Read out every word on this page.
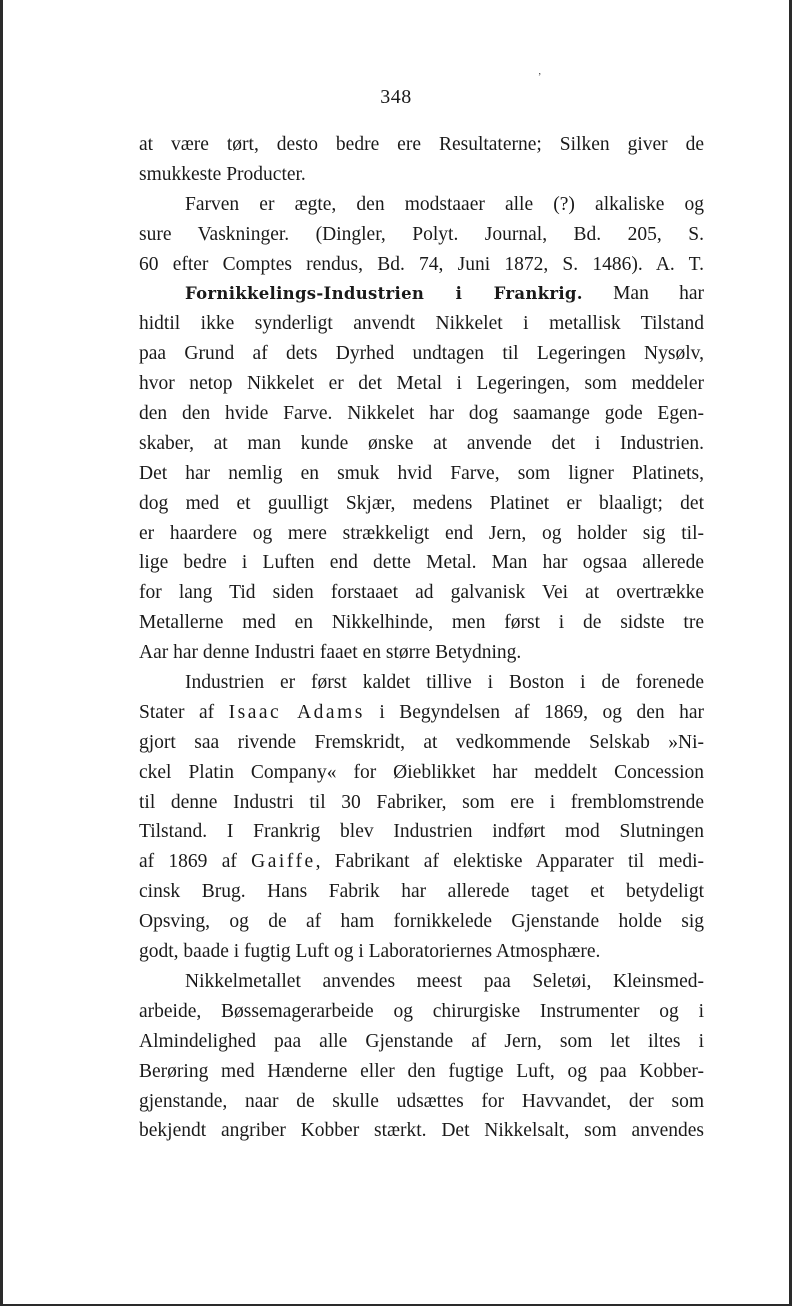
ʼ
348
at være tørt, desto bedre ere Resultaterne; Silken giver de
smukkeste Producter.
Farven er ægte, den modstaaer alle (?) alkaliske og
sure Vaskninger. (Dingler, Polyt. Journal, Bd. 205, S.
60 efter Comptes rendus, Bd. 74, Juni 1872, S. 1486). A. T.
Fornikkelings-Industrien i Frankrig. Man har
hidtil ikke synderligt anvendt Nikkelet i metallisk Tilstand
paa Grund af dets Dyrhed undtagen til Legeringen Nysølv,
hvor netop Nikkelet er det Metal i Legeringen, som meddeler
den den hvide Farve. Nikkelet har dog saamange gode Egen-
skaber, at man kunde ønske at anvende det i Industrien.
Det har nemlig en smuk hvid Farve, som ligner Platinets,
dog med et guulligt Skjær, medens Platinet er blaaligt; det
er haardere og mere strækkeligt end Jern, og holder sig til-
lige bedre i Luften end dette Metal. Man har ogsaa allerede
for lang Tid siden forstaaet ad galvanisk Vei at overtrække
Metallerne med en Nikkelhinde, men først i de sidste tre
Aar har denne Industri faaet en større Betydning.
Industrien er først kaldet tillive i Boston i de forenede
Stater af Isaac Adams i Begyndelsen af 1869, og den har
gjort saa rivende Fremskridt, at vedkommende Selskab »Ni-
ckel Platin Company« for Øieblikket har meddelt Concession
til denne Industri til 30 Fabriker, som ere i fremblomstrende
Tilstand. I Frankrig blev Industrien indført mod Slutningen
af 1869 af Gaiffe, Fabrikant af elektiske Apparater til medi-
cinsk Brug. Hans Fabrik har allerede taget et betydeligt
Opsving, og de af ham fornikkelede Gjenstande holde sig
godt, baade i fugtig Luft og i Laboratoriernes Atmosphære.
Nikkelmetallet anvendes meest paa Seletøi, Kleinsmed-
arbeide, Bøssemagerarbeide og chirurgiske Instrumenter og i
Almindelighed paa alle Gjenstande af Jern, som let iltes i
Berøring med Hænderne eller den fugtige Luft, og paa Kobber-
gjenstande, naar de skulle udsættes for Havvandet, der som
bekjendt angriber Kobber stærkt. Det Nikkelsalt, som anvendes
